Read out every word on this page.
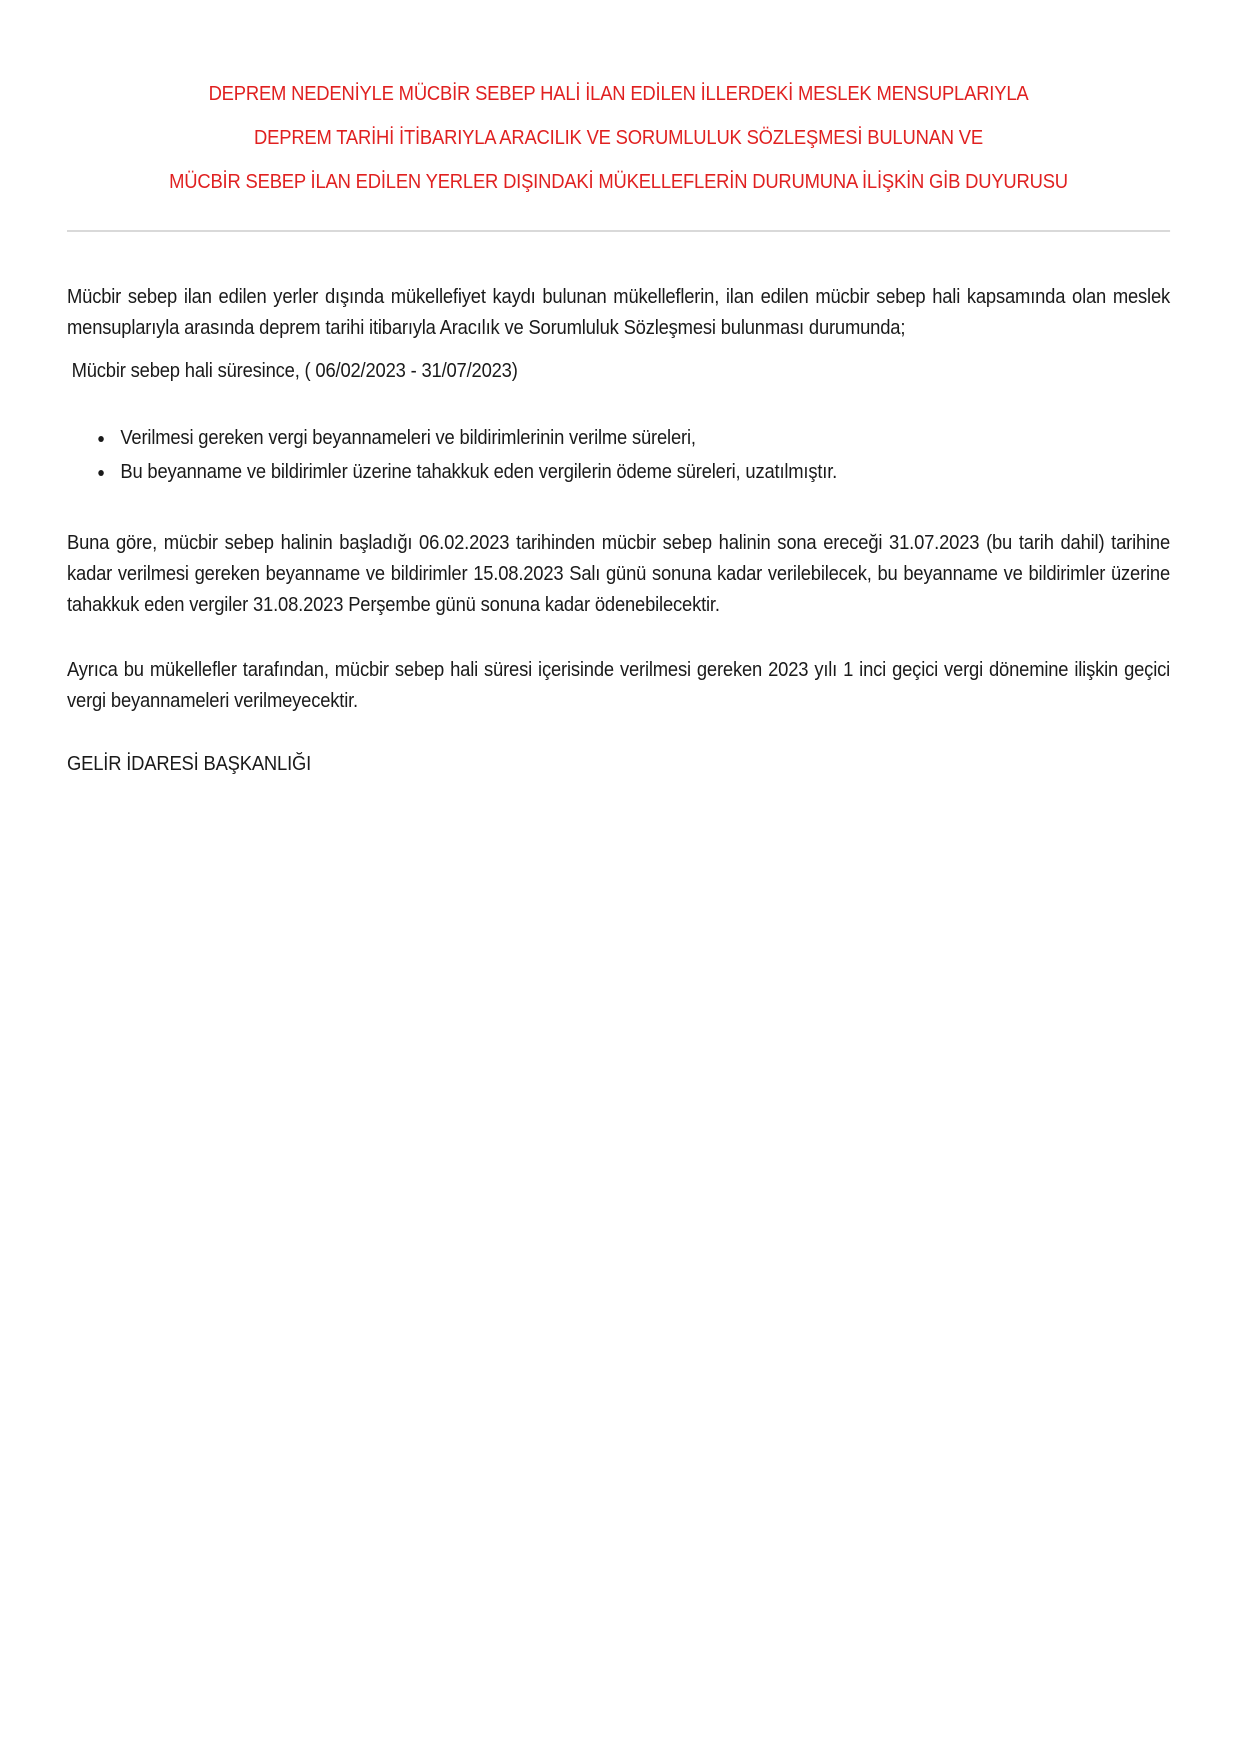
DEPREM NEDENİYLE MÜCBİR SEBEP HALİ İLAN EDİLEN İLLERDEKİ MESLEK MENSUPLARIYLA
DEPREM TARİHİ İTİBARIYLA ARACILIK VE SORUMLULUK SÖZLEŞMESİ BULUNAN VE
MÜCBİR SEBEP İLAN EDİLEN YERLER DIŞINDAKİ MÜKELLEFLERİN DURUMUNA İLİŞKİN GİB DUYURUSU

Mücbir sebep ilan edilen yerler dışında mükellefiyet kaydı bulunan mükelleflerin, ilan edilen mücbir sebep hali kapsamında olan meslek mensuplarıyla arasında deprem tarihi itibarıyla Aracılık ve Sorumluluk Sözleşmesi bulunması durumunda;

Mücbir sebep hali süresince, ( 06/02/2023 - 31/07/2023)

• Verilmesi gereken vergi beyannameleri ve bildirimlerinin verilme süreleri,
• Bu beyanname ve bildirimler üzerine tahakkuk eden vergilerin ödeme süreleri, uzatılmıştır.

Buna göre, mücbir sebep halinin başladığı 06.02.2023 tarihinden mücbir sebep halinin sona ereceği 31.07.2023 (bu tarih dahil) tarihine kadar verilmesi gereken beyanname ve bildirimler 15.08.2023 Salı günü sonuna kadar verilebilecek, bu beyanname ve bildirimler üzerine tahakkuk eden vergiler 31.08.2023 Perşembe günü sonuna kadar ödenebilecektir.

Ayrıca bu mükellefler tarafından, mücbir sebep hali süresi içerisinde verilmesi gereken 2023 yılı 1 inci geçici vergi dönemine ilişkin geçici vergi beyannameleri verilmeyecektir.

GELİR İDARESİ BAŞKANLIĞI
